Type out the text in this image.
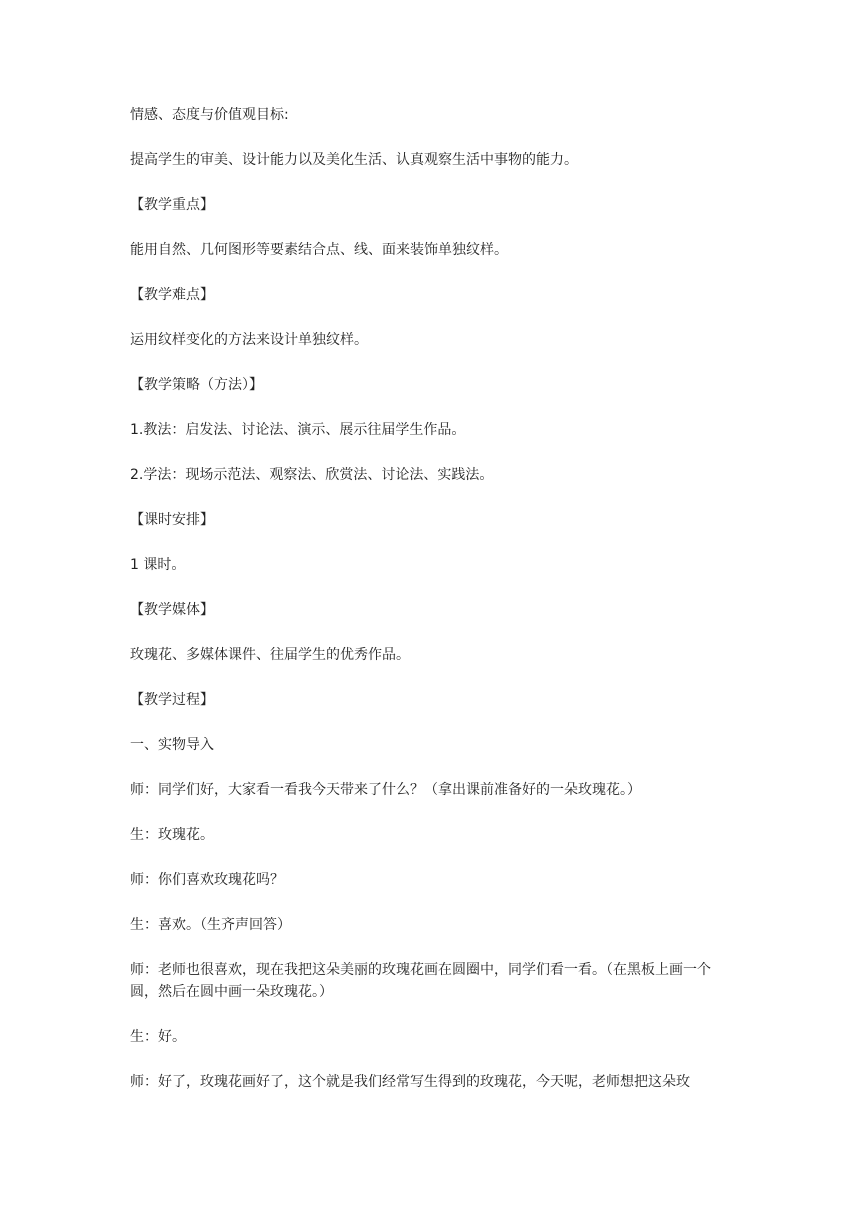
情感、态度与价值观目标:

提高学生的审美、设计能力以及美化生活、认真观察生活中事物的能力。

【教学重点】

能用自然、几何图形等要素结合点、线、面来装饰单独纹样。

【教学难点】

运用纹样变化的方法来设计单独纹样。

【教学策略（方法）】

1.教法：启发法、讨论法、演示、展示往届学生作品。

2.学法：现场示范法、观察法、欣赏法、讨论法、实践法。

【课时安排】

1 课时。

【教学媒体】

玫瑰花、多媒体课件、往届学生的优秀作品。

【教学过程】

一、实物导入

师：同学们好，大家看一看我今天带来了什么？（拿出课前准备好的一朵玫瑰花。）

生：玫瑰花。

师：你们喜欢玫瑰花吗？

生：喜欢。（生齐声回答）

师：老师也很喜欢，现在我把这朵美丽的玫瑰花画在圆圈中，同学们看一看。（在黑板上画一个圆，然后在圆中画一朵玫瑰花。）

生：好。

师：好了，玫瑰花画好了，这个就是我们经常写生得到的玫瑰花，今天呢，老师想把这朵玫
